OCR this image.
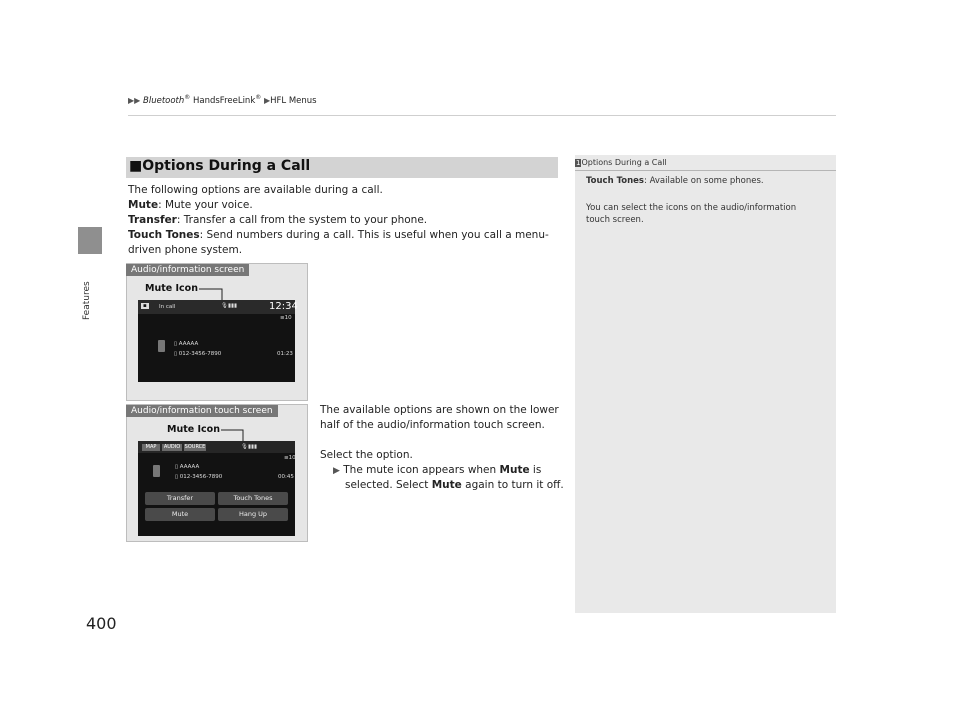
▶▶ Bluetooth® HandsFreeLink® ▶HFL Menus
Features
400
■Options During a Call
The following options are available during a call.
Mute: Mute your voice.
Transfer: Transfer a call from the system to your phone.
Touch Tones: Send numbers during a call. This is useful when you call a menu-
driven phone system.
Audio/information screen
Mute Icon
▪	In call	🎙▮▮▮	12:34
≡10
▯ AAAAA
▯ 012-3456-7890	01:23
The available options are shown on the lower
half of the audio/information touch screen.
Select the option.
▶ The mute icon appears when Mute is
selected. Select Mute again to turn it off.
Audio/information touch screen
Mute Icon
MAP	AUDIO SOURCE	🎙▮▮▮
≡10
▯ AAAAA
▯ 012-3456-7890	00:45
Transfer	Touch Tones
Mute	Hang Up
1Options During a Call
Touch Tones: Available on some phones.
You can select the icons on the audio/information
touch screen.
